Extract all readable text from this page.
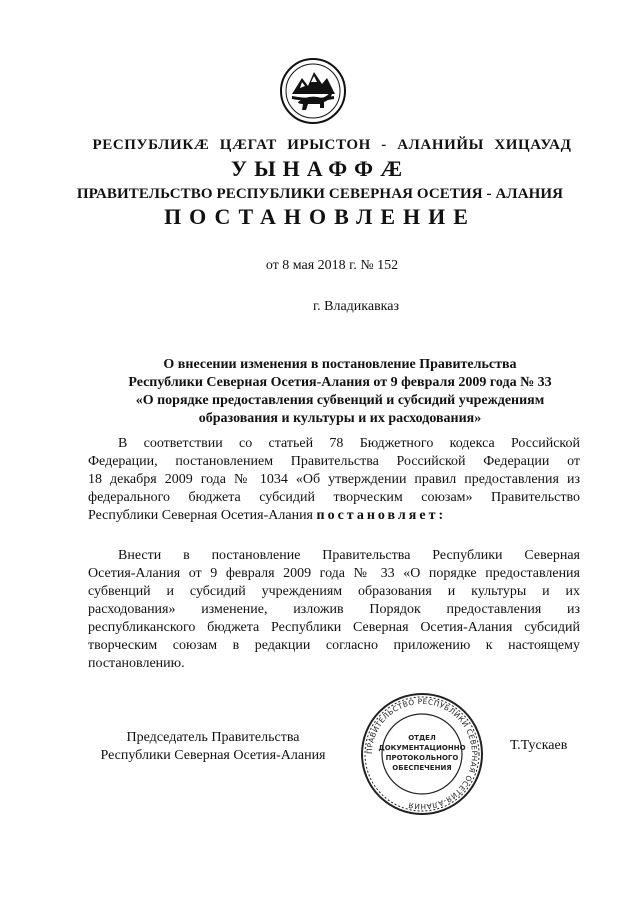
РЕСПУБЛИКӔ ЦӔГАТ ИРЫСТОН - АЛАНИЙЫ ХИЦАУАД
УЫНАФФӔ
ПРАВИТЕЛЬСТВО РЕСПУБЛИКИ СЕВЕРНАЯ ОСЕТИЯ - АЛАНИЯ
ПОСТАНОВЛЕНИЕ
от 8 мая 2018 г. № 152
г. Владикавказ
О внесении изменения в постановление Правительства
Республики Северная Осетия-Алания от 9 февраля 2009 года № 33
«О порядке предоставления субвенций и субсидий учреждениям
образования и культуры и их расходования»
В соответствии со статьей 78 Бюджетного кодекса Российской
Федерации, постановлением Правительства Российской Федерации от
18 декабря 2009 года № 1034 «Об утверждении правил предоставления из
федерального бюджета субсидий творческим союзам» Правительство
Республики Северная Осетия-Алания постановляет:
Внести в постановление Правительства Республики Северная
Осетия-Алания от 9 февраля 2009 года № 33 «О порядке предоставления
субвенций и субсидий учреждениям образования и культуры и их
расходования» изменение, изложив Порядок предоставления из
республиканского бюджета Республики Северная Осетия-Алания субсидий
творческим союзам в редакции согласно приложению к настоящему
постановлению.
Председатель Правительства
Республики Северная Осетия-Алания	ПРАВИТЕЛЬСТВО РЕСПУБЛИКИ СЕВЕРНАЯ ОСЕТИЯ-АЛАНИЯ
ОТДЕЛ
ДОКУМЕНТАЦИОННО
ПРОТОКОЛЬНОГО
ОБЕСПЕЧЕНИЯ
Т.Тускаев
